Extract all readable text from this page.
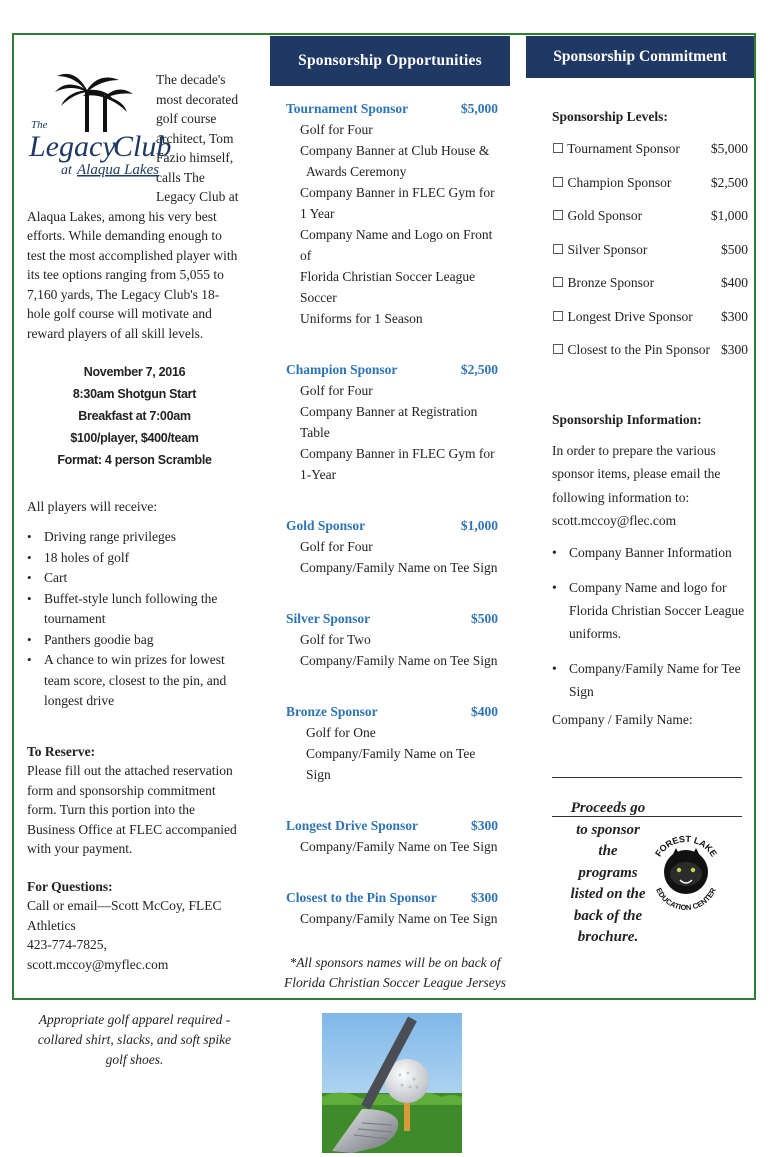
The
Legacy
Club
at Alaqua Lakes
The decade's most decorated golf course architect, Tom Fazio himself, calls The Legacy Club at Alaqua Lakes, among his very best efforts. While demanding enough to test the most accomplished player with its tee options ranging from 5,055 to 7,160 yards, The Legacy Club's 18-hole golf course will motivate and reward players of all skill levels.
November 7, 2016
8:30am Shotgun Start
Breakfast at 7:00am
$100/player, $400/team
Format: 4 person Scramble
All players will receive:
• Driving range privileges
• 18 holes of golf
• Cart
• Buffet-style lunch following the tournament
• Panthers goodie bag
• A chance to win prizes for lowest team score, closest to the pin, and longest drive
To Reserve:
Please fill out the attached reservation form and sponsorship commitment form. Turn this portion into the Business Office at FLEC accompanied with your payment.
For Questions:
Call or email—Scott McCoy, FLEC Athletics
423-774-7825, scott.mccoy@myflec.com
Appropriate golf apparel required - collared shirt, slacks, and soft spike golf shoes.
Sponsorship Opportunities
Tournament Sponsor	$5,000
Golf for Four
Company Banner at Club House &
Awards Ceremony
Company Banner in FLEC Gym for 1 Year
Company Name and Logo on Front of
Florida Christian Soccer League Soccer
Uniforms for 1 Season
Champion Sponsor	$2,500
Golf for Four
Company Banner at Registration Table
Company Banner in FLEC Gym for 1-Year
Gold Sponsor	$1,000
Golf for Four
Company/Family Name on Tee Sign
Silver Sponsor	$500
Golf for Two
Company/Family Name on Tee Sign
Bronze Sponsor	$400
Golf for One
Company/Family Name on Tee Sign
Longest Drive Sponsor	$300
Company/Family Name on Tee Sign
Closest to the Pin Sponsor	$300
Company/Family Name on Tee Sign
*All sponsors names will be on back of Florida Christian Soccer League Jerseys
Sponsorship Commitment
Sponsorship Levels:
☐ Tournament Sponsor $5,000
☐ Champion Sponsor	$2,500
☐ Gold Sponsor	$1,000
☐ Silver Sponsor	$500
☐ Bronze Sponsor	$400
☐ Longest Drive Sponsor $300
☐ Closest to the Pin Sponsor $300
Sponsorship Information:
In order to prepare the various sponsor items, please email the following information to: scott.mccoy@flec.com
• Company Banner Information
• Company Name and logo for Florida Christian Soccer League uniforms.
• Company/Family Name for Tee Sign
Company / Family Name:
Proceeds go to sponsor the programs listed on the back of the brochure.
FOREST LAKE
EDUCATION CENTER
